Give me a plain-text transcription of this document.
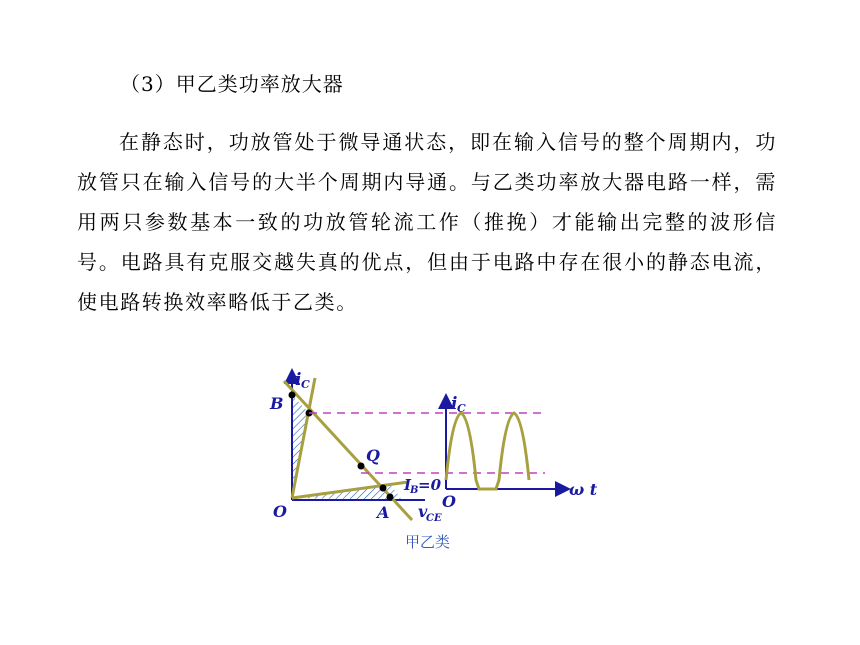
（3）甲乙类功率放大器
在静态时，功放管处于微导通状态，即在输入信号的整个周期内，功放管只在输入信号的大半个周期内导通。与乙类功率放大器电路一样，需用两只参数基本一致的功放管轮流工作（推挽）才能输出完整的波形信号。电路具有克服交越失真的优点，但由于电路中存在很小的静态电流，使电路转换效率略低于乙类。
i C
B
Q
I
B =0
O	A v
CE
i C
O
ω t
甲乙类
